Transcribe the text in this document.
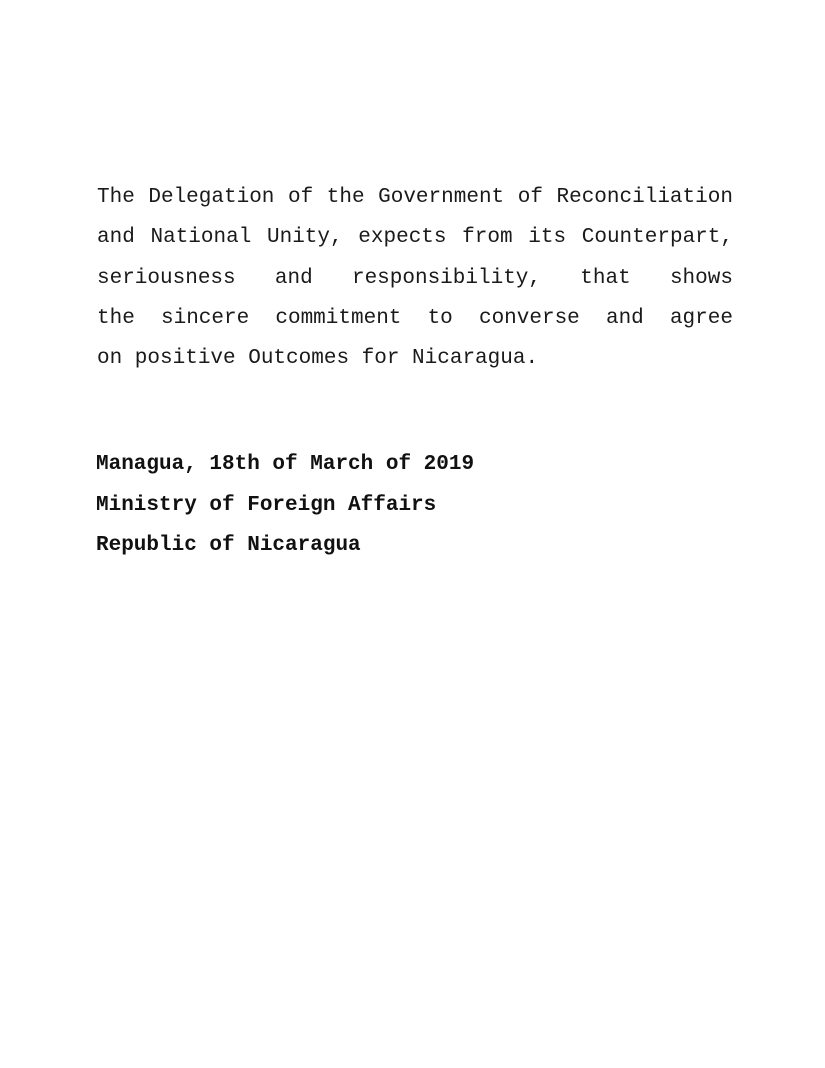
The Delegation of the Government of Reconciliation
and National Unity, expects from its Counterpart,
seriousness and responsibility, that shows
the sincere commitment to converse and agree
on positive Outcomes for Nicaragua.
Managua, 18th of March of 2019
Ministry of Foreign Affairs
Republic of Nicaragua
